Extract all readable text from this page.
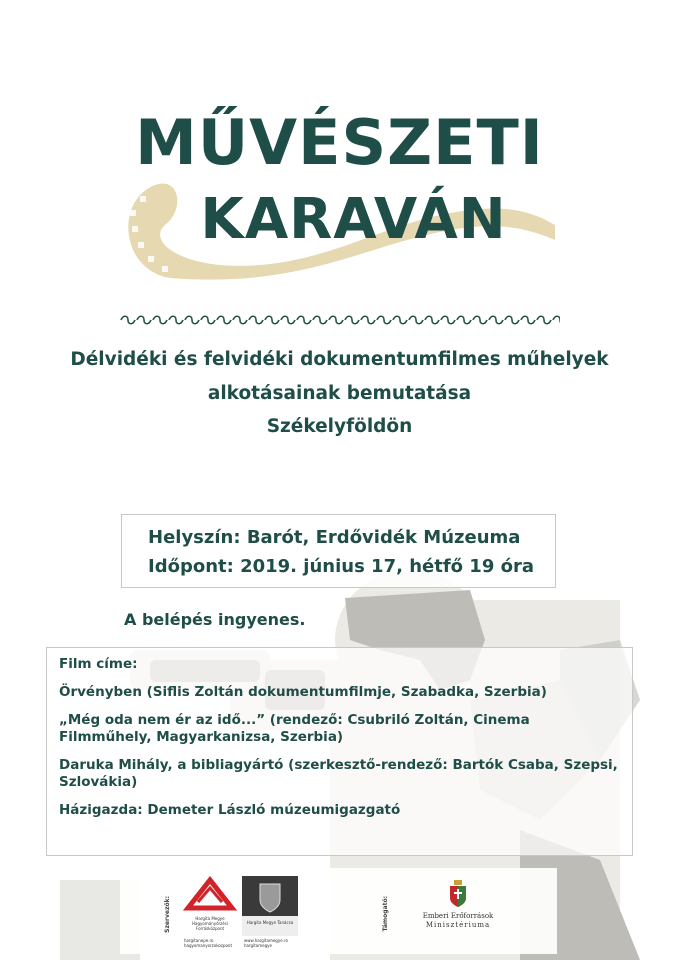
MŰVÉSZETI
KARAVÁN
Délvidéki és felvidéki dokumentumfilmes műhelyek
alkotásainak bemutatása
Székelyföldön
Helyszín: Barót, Erdővidék Múzeuma
Időpont: 2019. június 17, hétfő 19 óra
A belépés ingyenes.
Film címe:
Örvényben (Siflis Zoltán dokumentumfilmje, Szabadka, Szerbia)
„Még oda nem ér az idő...” (rendező: Csubriló Zoltán, Cinema Filmműhely, Magyarkanizsa, Szerbia)
Daruka Mihály, a bibliagyártó (szerkesztő-rendező: Bartók Csaba, Szepsi, Szlovákia)
Házigazda: Demeter László múzeumigazgató
Szervezők:	Hargita Megye Hagyományőrzési Forrásközpont
Hargita Megye Tanácsa
hargitanepe.ro
hagyomanyorzokozpont
www.hargitamegye.ro
hargitamegye
Támogató:	Emberi Erőforrások
Minisztériuma
